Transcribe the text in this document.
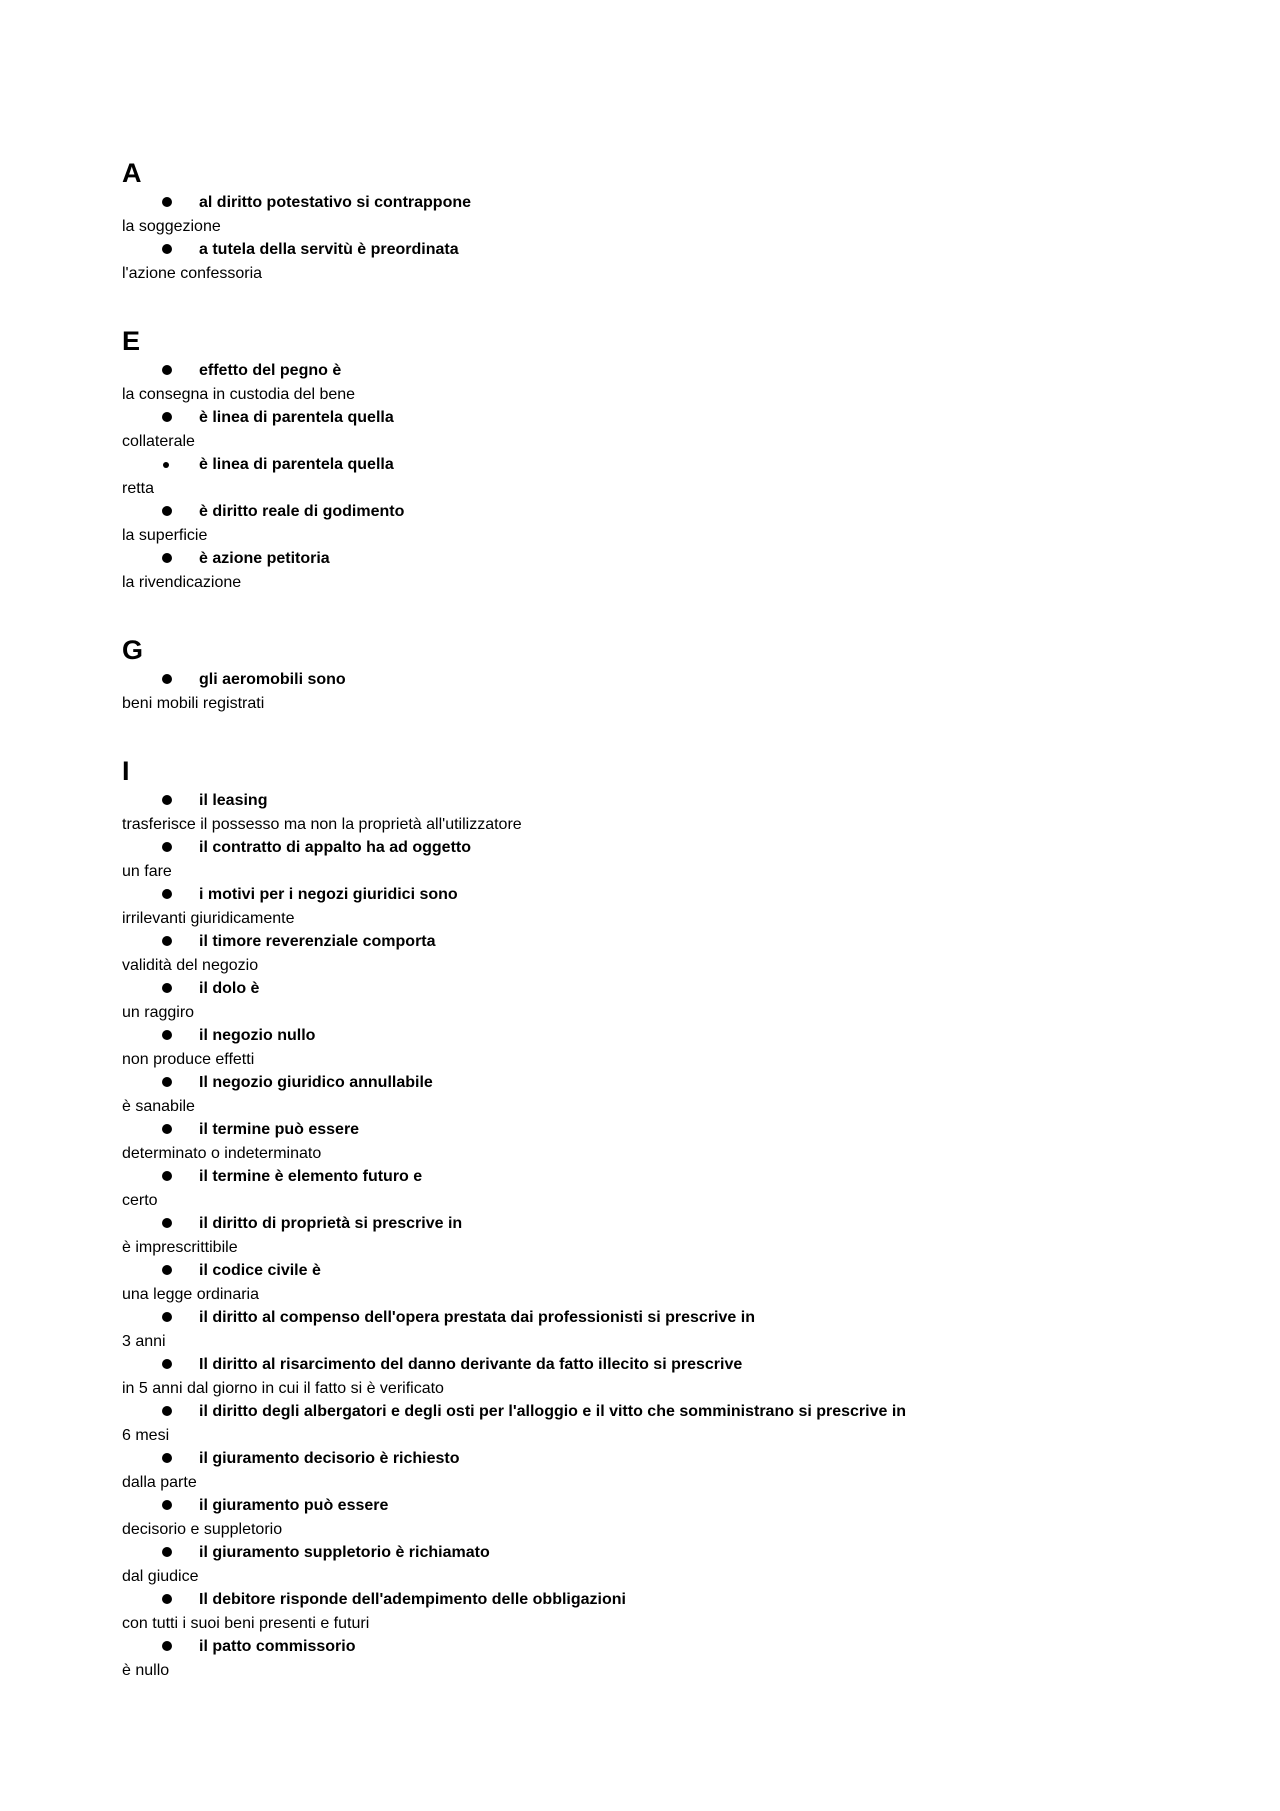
A
al diritto potestativo si contrappone
la soggezione
a tutela della servitù è preordinata
l'azione confessoria
E
effetto del pegno è
la consegna in custodia del bene
è linea di parentela quella
collaterale
è linea di parentela quella
retta
è diritto reale di godimento
la superficie
è azione petitoria
la rivendicazione
G
gli aeromobili sono
beni mobili registrati
I
il leasing
trasferisce il possesso ma non la proprietà all'utilizzatore
il contratto di appalto ha ad oggetto
un fare
i motivi per i negozi giuridici sono
irrilevanti giuridicamente
il timore reverenziale comporta
validità del negozio
il dolo è
un raggiro
il negozio nullo
non produce effetti
Il negozio giuridico annullabile
è sanabile
il termine può essere
determinato o indeterminato
il termine è elemento futuro e
certo
il diritto di proprietà si prescrive in
è imprescrittibile
il codice civile è
una legge ordinaria
il diritto al compenso dell'opera prestata dai professionisti si prescrive in
3 anni
Il diritto al risarcimento del danno derivante da fatto illecito si prescrive
in 5 anni dal giorno in cui il fatto si è verificato
il diritto degli albergatori e degli osti per l'alloggio e il vitto che somministrano si prescrive in
6 mesi
il giuramento decisorio è richiesto
dalla parte
il giuramento può essere
decisorio e suppletorio
il giuramento suppletorio è richiamato
dal giudice
Il debitore risponde dell'adempimento delle obbligazioni
con tutti i suoi beni presenti e futuri
il patto commissorio
è nullo
